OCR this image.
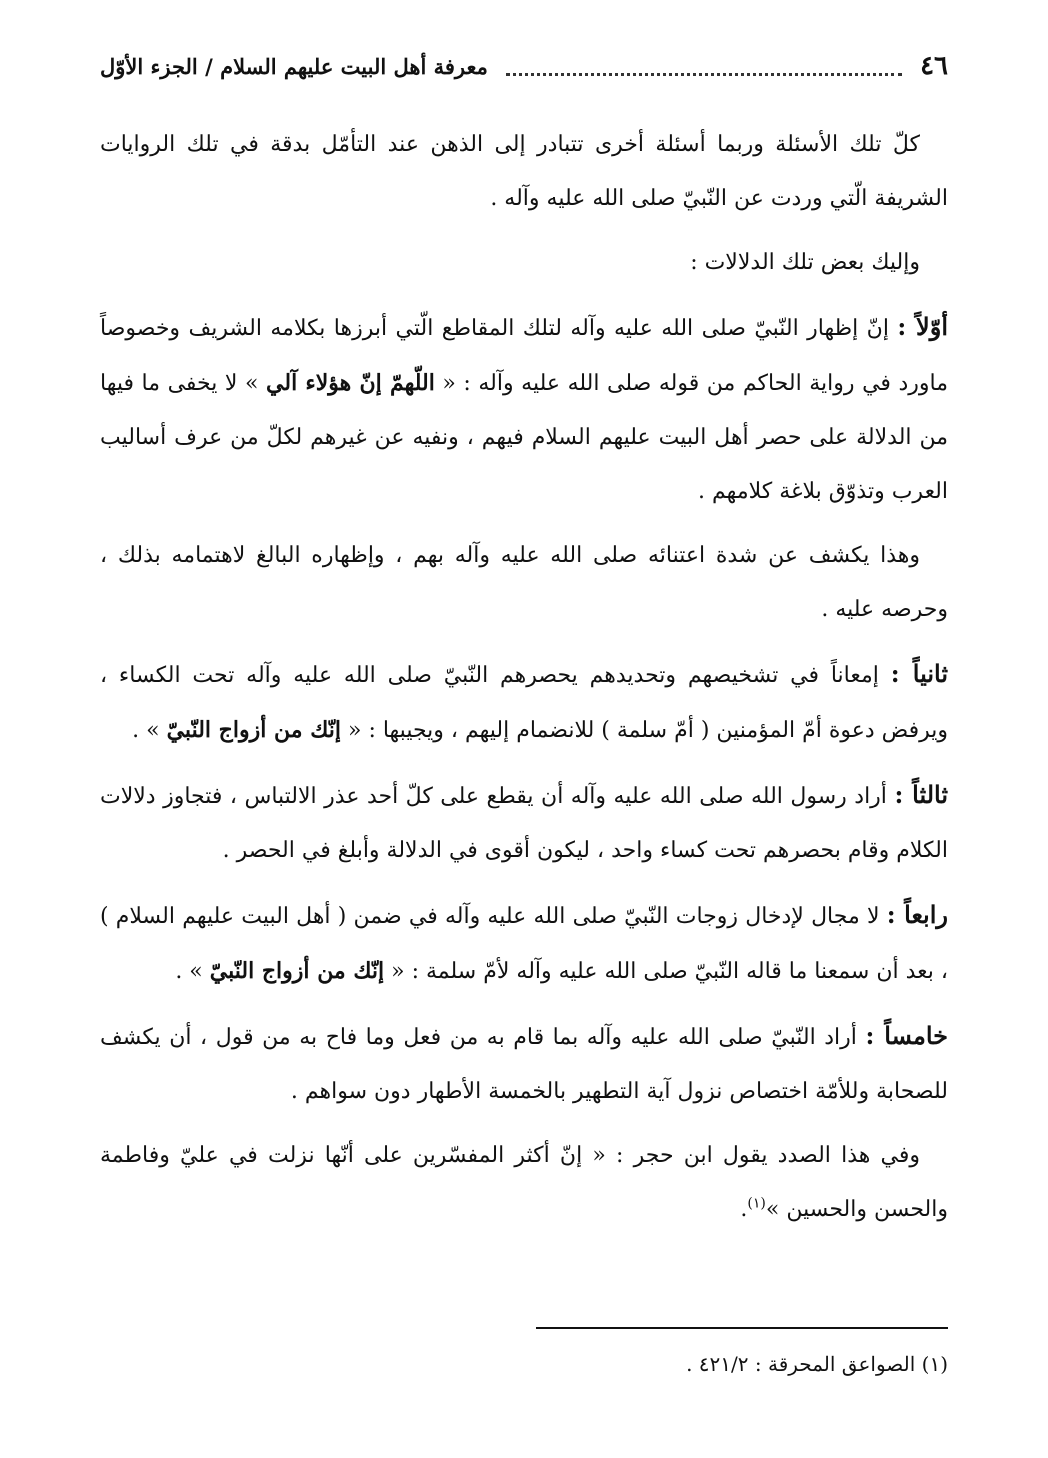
٤٦
معرفة أهل البيت عليهم السلام / الجزء الأوّل

كلّ تلك الأسئلة وربما أسئلة أخرى تتبادر إلى الذهن عند التأمّل بدقة في تلك الروايات الشريفة الّتي وردت عن النّبيّ صلى الله عليه وآله .

وإليك بعض تلك الدلالات :

أوّلاً : إنّ إظهار النّبيّ صلى الله عليه وآله لتلك المقاطع الّتي أبرزها بكلامه الشريف وخصوصاً ماورد في رواية الحاكم من قوله صلى الله عليه وآله : « اللّهمّ إنّ هؤلاء آلي » لا يخفى ما فيها من الدلالة على حصر أهل البيت عليهم السلام فيهم ، ونفيه عن غيرهم لكلّ من عرف أساليب العرب وتذوّق بلاغة كلامهم .

وهذا يكشف عن شدة اعتنائه صلى الله عليه وآله بهم ، وإظهاره البالغ لاهتمامه بذلك ، وحرصه عليه .

ثانياً : إمعاناً في تشخيصهم وتحديدهم يحصرهم النّبيّ صلى الله عليه وآله تحت الكساء ، ويرفض دعوة أمّ المؤمنين ( أمّ سلمة ) للانضمام إليهم ، ويجيبها : « إنّك من أزواج النّبيّ » .

ثالثاً : أراد رسول الله صلى الله عليه وآله أن يقطع على كلّ أحد عذر الالتباس ، فتجاوز دلالات الكلام وقام بحصرهم تحت كساء واحد ، ليكون أقوى في الدلالة وأبلغ في الحصر .

رابعاً : لا مجال لإدخال زوجات النّبيّ صلى الله عليه وآله في ضمن ( أهل البيت عليهم السلام ) ، بعد أن سمعنا ما قاله النّبيّ صلى الله عليه وآله لأمّ سلمة : « إنّك من أزواج النّبيّ » .

خامساً : أراد النّبيّ صلى الله عليه وآله بما قام به من فعل وما فاح به من قول ، أن يكشف للصحابة وللأمّة اختصاص نزول آية التطهير بالخمسة الأطهار دون سواهم .

وفي هذا الصدد يقول ابن حجر : « إنّ أكثر المفسّرين على أنّها نزلت في عليّ وفاطمة والحسن والحسين »$^{(١)}$.

(١) الصواعق المحرقة : ٤٢١/٢ .
